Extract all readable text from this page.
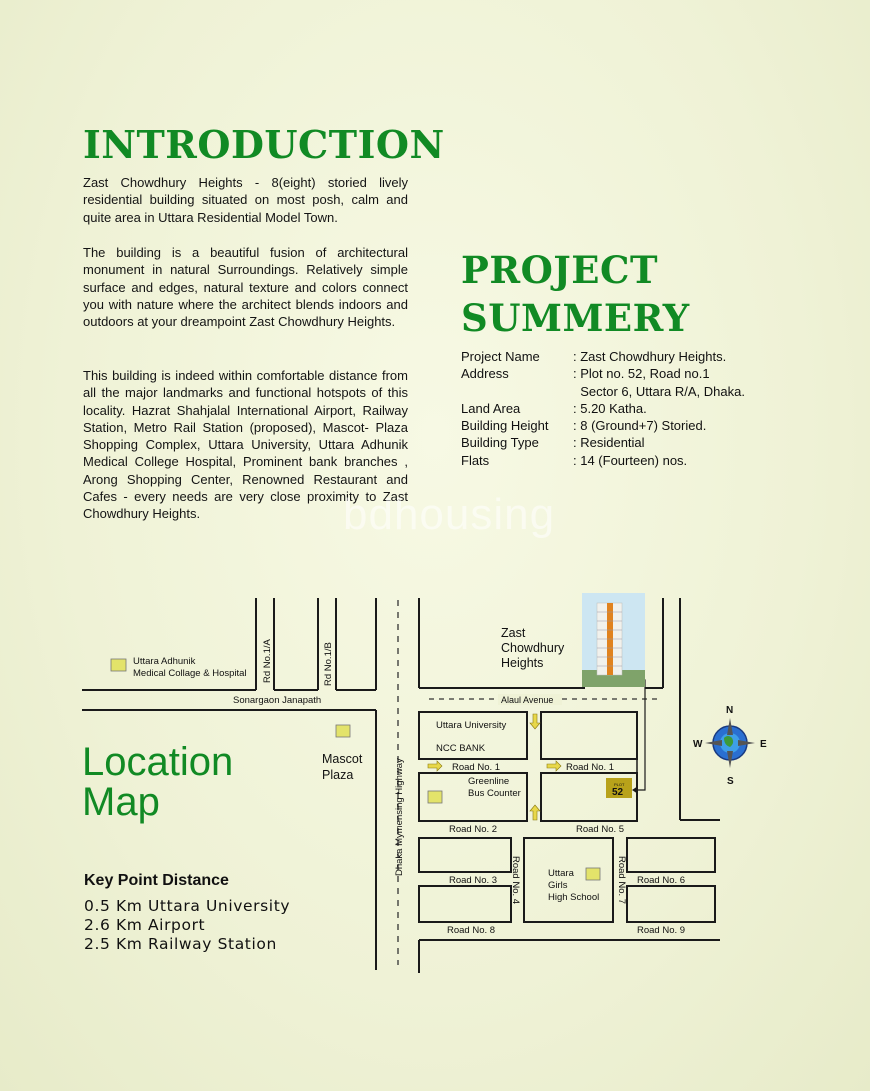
INTRODUCTION

Zast Chowdhury Heights - 8(eight) storied lively residential building situated on most posh, calm and quite area in Uttara Residential Model Town.

The building is a beautiful fusion of architectural monument in natural Surroundings. Relatively simple surface and edges, natural texture and colors connect you with nature where the architect blends indoors and outdoors at your dreampoint Zast Chowdhury Heights.

This building is indeed within comfortable distance from all the major landmarks and functional hotspots of this locality. Hazrat Shahjalal International Airport, Railway Station, Metro Rail Station (proposed), Mascot- Plaza Shopping Complex, Uttara University, Uttara Adhunik Medical College Hospital, Prominent bank branches , Arong Shopping Center, Renowned Restaurant and Cafes - every needs are very close proximity to Zast Chowdhury Heights.

PROJECT
SUMMERY
Project Name	: Zast Chowdhury Heights.
Address	: Plot no. 52, Road no.1
Sector 6, Uttara R/A, Dhaka.
Land Area	: 5.20 Katha.
Building Height	: 8 (Ground+7) Storied.
Building Type	: Residential
Flats	: 14 (Fourteen) nos.
bdhousing
Uttara Adhunik
Medical Collage & Hospital
Sonargaon Janapath
Rd No.1/A	Rd No.1/B
Uttara University
NCC BANK
Road No. 1	Road No. 1
Greenline
Bus Counter
Road No. 2	Road No. 5
Road No. 3	Road No. 6
Road No. 4	Road No. 7
Uttara
Girls
High School
Road No. 8	Road No. 9
Dhaka Mymensing Highway
Alaul Avenue
Mascot
Plaza
Zast
Chowdhury
Heights
PLOT
52
N
S
W	E
Location
Map
Key Point Distance
0.5 Km Uttara University
2.6 Km Airport
2.5 Km Railway Station
